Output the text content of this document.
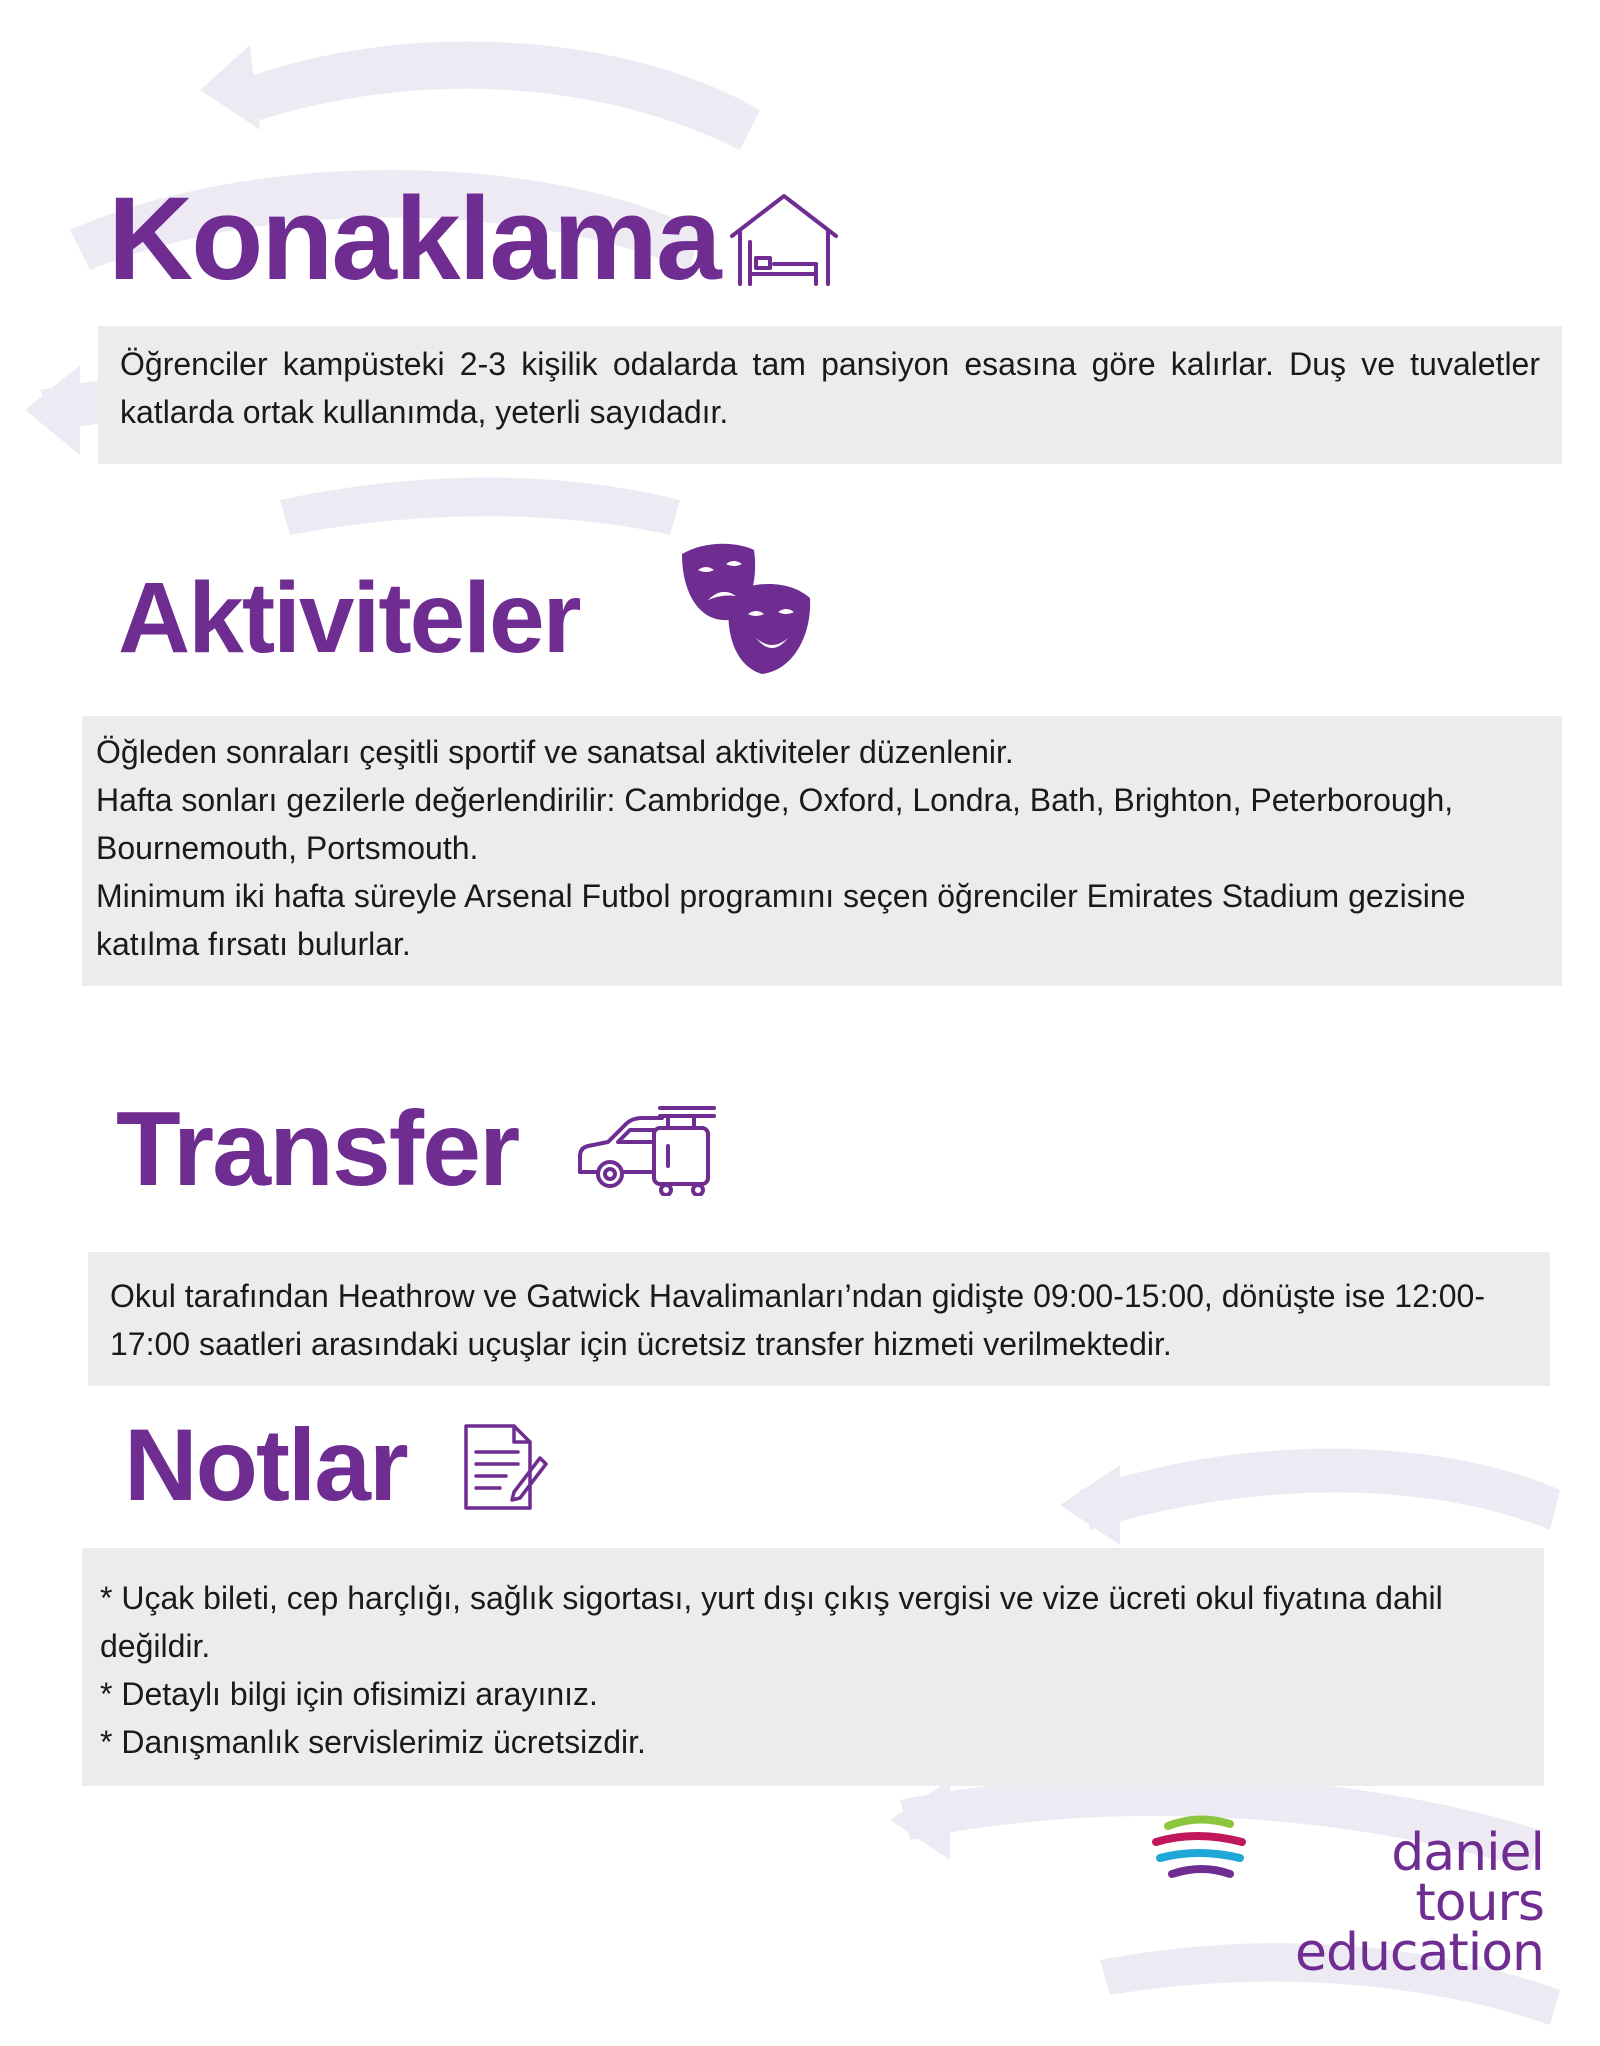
Konaklama

Öğrenciler kampüsteki 2-3 kişilik odalarda tam pansiyon esasına göre kalırlar. Duş ve tuvaletler katlarda ortak kullanımda, yeterli sayıdadır.

Aktiviteler

Öğleden sonraları çeşitli sportif ve sanatsal aktiviteler düzenlenir.

Hafta sonları gezilerle değerlendirilir: Cambridge, Oxford, Londra, Bath, Brighton, Peterborough, Bournemouth, Portsmouth.

Minimum iki hafta süreyle Arsenal Futbol programını seçen öğrenciler Emirates Stadium gezisine katılma fırsatı bulurlar.

Transfer

Okul tarafından Heathrow ve Gatwick Havalimanları’ndan gidişte 09:00-15:00, dönüşte ise 12:00-17:00 saatleri arasındaki uçuşlar için ücretsiz transfer hizmeti verilmektedir.

Notlar

* Uçak bileti, cep harçlığı, sağlık sigortası, yurt dışı çıkış vergisi ve vize ücreti okul fiyatına dahil değildir.

* Detaylı bilgi için ofisimizi arayınız.

* Danışmanlık servislerimiz ücretsizdir.

daniel tours
education
